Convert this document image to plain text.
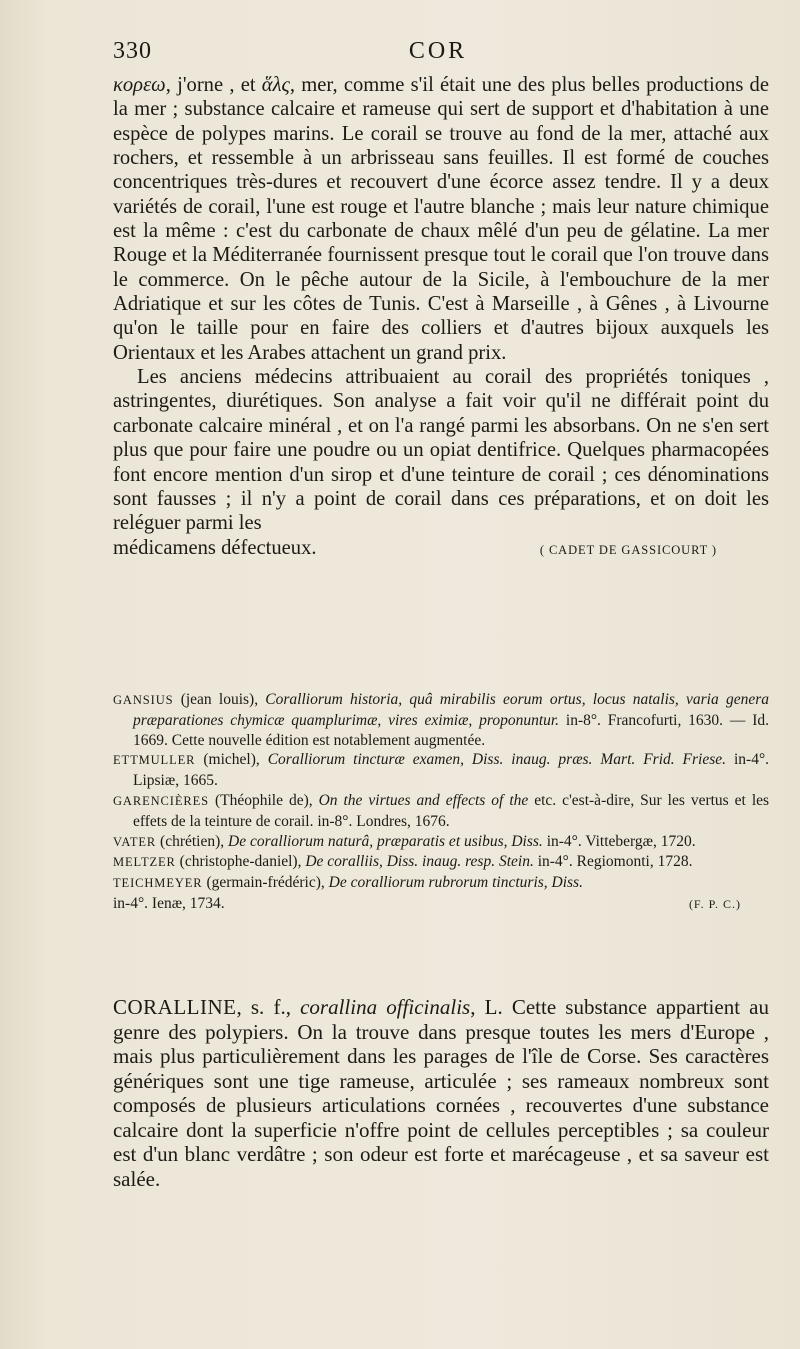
330	COR

κορεω, j'orne , et ἅλς, mer, comme s'il était une des plus belles productions de la mer ; substance calcaire et rameuse qui sert de support et d'habitation à une espèce de polypes marins. Le corail se trouve au fond de la mer, attaché aux rochers, et ressemble à un arbrisseau sans feuilles. Il est formé de couches concentriques très-dures et recouvert d'une écorce assez tendre. Il y a deux variétés de corail, l'une est rouge et l'autre blanche ; mais leur nature chimique est la même : c'est du carbonate de chaux mêlé d'un peu de gélatine. La mer Rouge et la Méditerranée fournissent presque tout le corail que l'on trouve dans le commerce. On le pêche autour de la Sicile, à l'embouchure de la mer Adriatique et sur les côtes de Tunis. C'est à Marseille , à Gênes , à Livourne qu'on le taille pour en faire des colliers et d'autres bijoux auxquels les Orientaux et les Arabes attachent un grand prix.

Les anciens médecins attribuaient au corail des propriétés toniques , astringentes, diurétiques. Son analyse a fait voir qu'il ne différait point du carbonate calcaire minéral , et on l'a rangé parmi les absorbans. On ne s'en sert plus que pour faire une poudre ou un opiat dentifrice. Quelques pharmacopées font encore mention d'un sirop et d'une teinture de corail ; ces dénominations sont fausses ; il n'y a point de corail dans ces préparations, et on doit les reléguer parmi les

médicamens défectueux.	( CADET DE GASSICOURT )

GANSIUS (jean louis), Coralliorum historia, quâ mirabilis eorum ortus, locus natalis, varia genera præparationes chymicæ quamplurimæ, vires eximiæ, proponuntur. in-8°. Francofurti, 1630. — Id. 1669. Cette nouvelle édition est notablement augmentée.

ETTMULLER (michel), Coralliorum tincturæ examen, Diss. inaug. præs. Mart. Frid. Friese. in-4°. Lipsiæ, 1665.

GARENCIÈRES (Théophile de), On the virtues and effects of the etc. c'est-à-dire, Sur les vertus et les effets de la teinture de corail. in-8°. Londres, 1676.

VATER (chrétien), De coralliorum naturâ, præparatis et usibus, Diss. in-4°. Vittebergæ, 1720.

MELTZER (christophe-daniel), De coralliis, Diss. inaug. resp. Stein. in-4°. Regiomonti, 1728.

TEICHMEYER (germain-frédéric), De coralliorum rubrorum tincturis, Diss.

in-4°. Ienæ, 1734.	(F. P. C.)

CORALLINE, s. f., corallina officinalis, L. Cette substance appartient au genre des polypiers. On la trouve dans presque toutes les mers d'Europe , mais plus particulièrement dans les parages de l'île de Corse. Ses caractères génériques sont une tige rameuse, articulée ; ses rameaux nombreux sont composés de plusieurs articulations cornées , recouvertes d'une substance calcaire dont la superficie n'offre point de cellules perceptibles ; sa couleur est d'un blanc verdâtre ; son odeur est forte et marécageuse , et sa saveur est salée.
